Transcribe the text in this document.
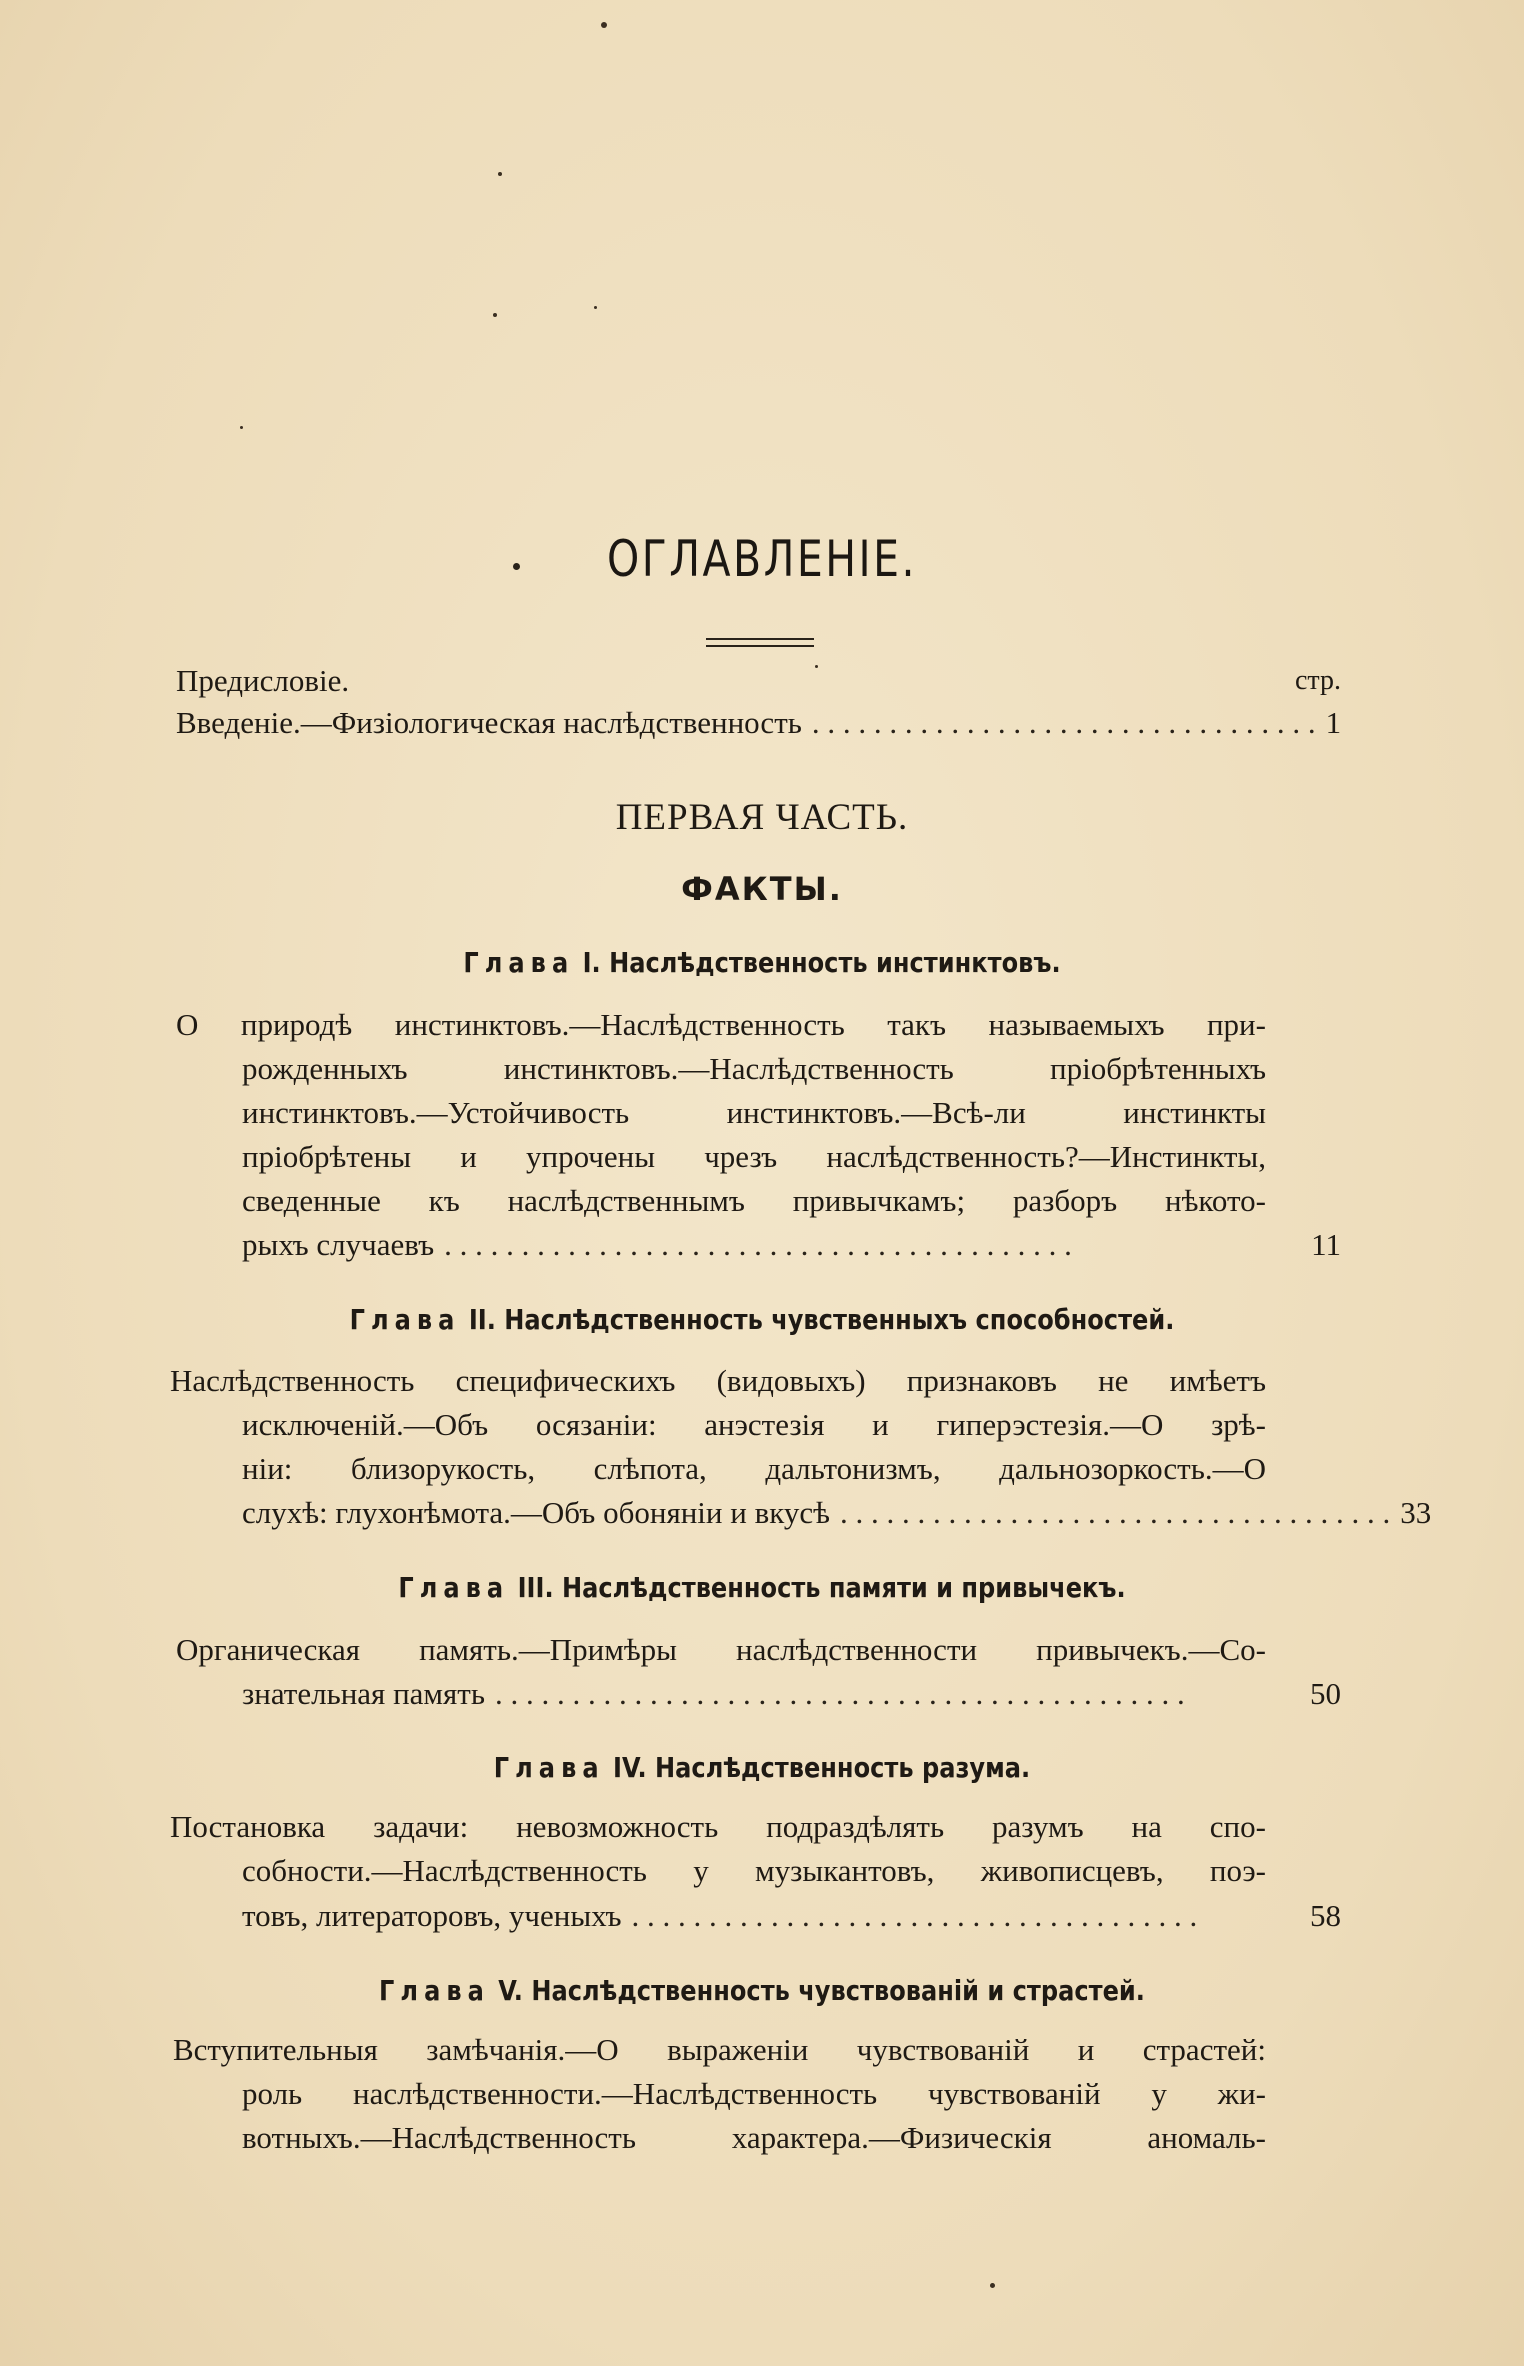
ОГЛАВЛЕНІЕ.
Предисловіе.	стр.
Введеніе.—Физіологическая наслѣдственность . . . . . . . . . . . . . . . . . . . . . . . . . . . . . . . . . 1
ПЕРВАЯ ЧАСТЬ.
ФАКТЫ.
Глава I. Наслѣдственность инстинктовъ.
О природѣ инстинктовъ.—Наслѣдственность такъ называемыхъ при-
рожденныхъ	инстинктовъ.—Наслѣдственность	пріобрѣтенныхъ
инстинктовъ.—Устойчивость	инстинктовъ.—Всѣ-ли	инстинкты
пріобрѣтены и упрочены чрезъ наслѣдственность?—Инстинкты,
сведенные къ наслѣдственнымъ привычкамъ; разборъ нѣкото-
рыхъ случаевъ . . . . . . . . . . . . . . . . . . . . . . . . . . . . . . . . . . . . . . . . .	11
Глава II. Наслѣдственность чувственныхъ способностей.
Наслѣдственность специфическихъ (видовыхъ) признаковъ не имѣетъ
исключеній.—Объ осязаніи: анэстезія и гиперэстезія.—О зрѣ-
ніи: близорукость, слѣпота, дальтонизмъ, дальнозоркость.—О
слухѣ: глухонѣмота.—Объ обоняніи и вкусѣ . . . . . . . . . . . . . . . . . . . . . . . . . . . . . . . . . . . . 33
Глава III. Наслѣдственность памяти и привычекъ.
Органическая память.—Примѣры наслѣдственности привычекъ.—Со-
знательная память . . . . . . . . . . . . . . . . . . . . . . . . . . . . . . . . . . . . . . . . . . . . .	50
Глава IV. Наслѣдственность разума.
Постановка задачи: невозможность подраздѣлять разумъ на спо-
собности.—Наслѣдственность у музыкантовъ, живописцевъ, поэ-
товъ, литераторовъ, ученыхъ . . . . . . . . . . . . . . . . . . . . . . . . . . . . . . . . . . . . .	58
Глава V. Наслѣдственность чувствованій и страстей.
Вступительныя замѣчанія.—О выраженіи чувствованій и страстей:
роль наслѣдственности.—Наслѣдственность чувствованій у жи-
вотныхъ.—Наслѣдственность	характера.—Физическія	аномаль-
